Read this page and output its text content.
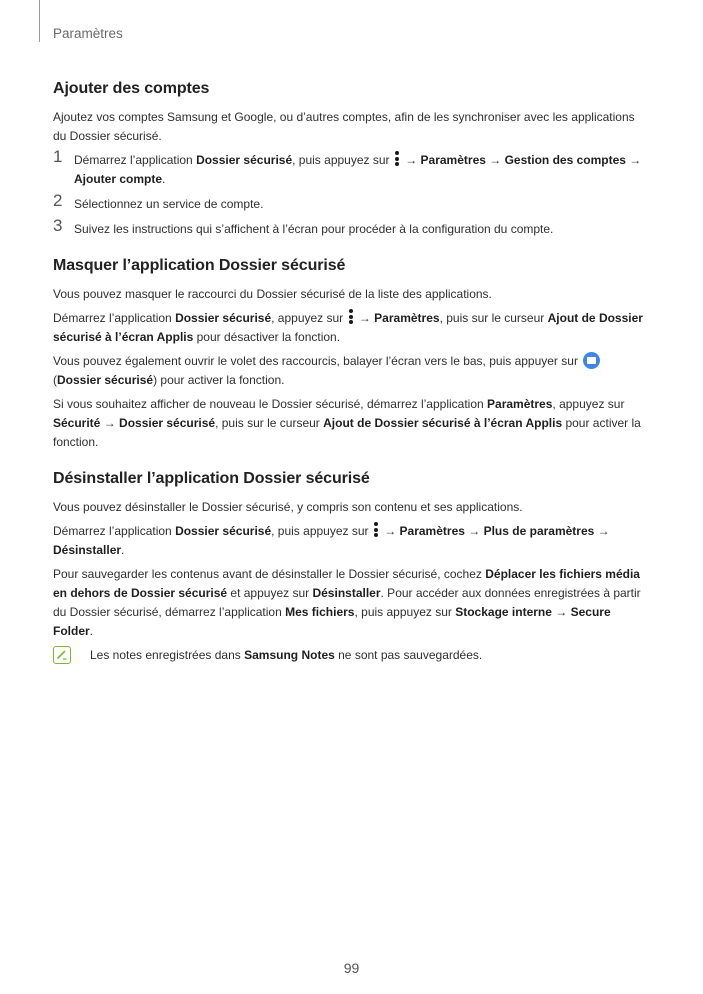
Paramètres
Ajouter des comptes

Ajoutez vos comptes Samsung et Google, ou d’autres comptes, afin de les synchroniser avec les applications du Dossier sécurisé.

1 Démarrez l’application Dossier sécurisé, puis appuyez sur
→ Paramètres → Gestion des comptes → Ajouter compte.
2 Sélectionnez un service de compte.
3 Suivez les instructions qui s’affichent à l’écran pour procéder à la configuration du compte.
Masquer l’application Dossier sécurisé

Vous pouvez masquer le raccourci du Dossier sécurisé de la liste des applications.

Démarrez l’application Dossier sécurisé, appuyez sur
→ Paramètres, puis sur le curseur Ajout de Dossier sécurisé à l’écran Applis pour désactiver la fonction.

Vous pouvez également ouvrir le volet des raccourcis, balayer l’écran vers le bas, puis appuyer sur  (Dossier sécurisé) pour activer la fonction.

Si vous souhaitez afficher de nouveau le Dossier sécurisé, démarrez l’application Paramètres, appuyez sur Sécurité → Dossier sécurisé, puis sur le curseur Ajout de Dossier sécurisé à l’écran Applis pour activer la fonction.

Désinstaller l’application Dossier sécurisé

Vous pouvez désinstaller le Dossier sécurisé, y compris son contenu et ses applications.

Démarrez l’application Dossier sécurisé, puis appuyez sur
→ Paramètres → Plus de paramètres → Désinstaller.

Pour sauvegarder les contenus avant de désinstaller le Dossier sécurisé, cochez Déplacer les fichiers média en dehors de Dossier sécurisé et appuyez sur Désinstaller. Pour accéder aux données enregistrées à partir du Dossier sécurisé, démarrez l’application Mes fichiers, puis appuyez sur Stockage interne → Secure Folder.

Les notes enregistrées dans Samsung Notes ne sont pas sauvegardées.
99
